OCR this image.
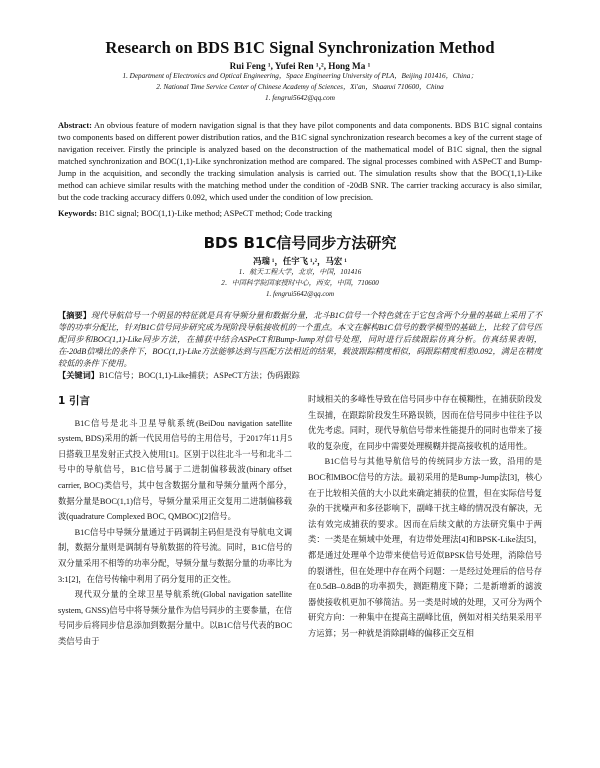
Research on BDS B1C Signal Synchronization Method
Rui Feng ¹, Yufei Ren ¹,², Hong Ma ¹
1. Department of Electronics and Optical Engineering，Space Engineering University of PLA，Beijing 101416，China；
2. National Time Service Center of Chinese Academy of Sciences，Xi'an，Shaanxi 710600，China
1. fengrui5642@qq.com
Abstract: An obvious feature of modern navigation signal is that they have pilot components and data components. BDS B1C signal contains two components based on different power distribution ratios, and the B1C signal synchronization research becomes a key of the current stage of navigation receiver. Firstly the principle is analyzed based on the deconstruction of the mathematical model of B1C signal, then the signal matched synchronization and BOC(1,1)-Like synchronization method are compared. The signal processes combined with ASPeCT and Bump-Jump in the acquisition, and secondly the tracking simulation analysis is carried out. The simulation results show that the BOC(1,1)-Like method can achieve similar results with the matching method under the condition of -20dB SNR. The carrier tracking accuracy is also similar, but the code tracking accuracy differs 0.092, which used under the condition of low precision.
Keywords: B1C signal; BOC(1,1)-Like method; ASPeCT method; Code tracking
BDS B1C信号同步方法研究
冯瑞 ¹，任宇飞 ¹,²，马宏 ¹
1．航天工程大学，北京，中国，101416
2．中国科学院国家授时中心，西安，中国，710600
1. fengrui5642@qq.com
【摘要】现代导航信号一个明显的特征就是具有导频分量和数据分量，北斗B1C信号一个特色就在于它包含两个分量的基础上采用了不等的功率分配比，针对B1C信号同步研究成为现阶段导航接收机的一个重点。本文在解构B1C信号的数学模型的基础上，比较了信号匹配同步和BOC(1,1)-Like同步方法，在捕获中结合ASPeCT和Bump-Jump对信号处理，同时进行后续跟踪仿真分析。仿真结果表明，在-20dB信噪比的条件下，BOC(1,1)-Like方法能够达到与匹配方法相近的结果，载波跟踪精度相似，码跟踪精度相差0.092，满足在精度较低的条件下使用。
【关键词】B1C信号；BOC(1,1)-Like捕获；ASPeCT方法；伪码跟踪
1 引言

B1C信号是北斗卫星导航系统(BeiDou navigation satellite system, BDS)采用的新一代民用信号的主用信号，于2017年11月5日搭载卫星发射正式投入使用[1]。区别于以往北斗一号和北斗二号中的导航信号，B1C信号属于二进制偏移载波(binary offset carrier, BOC)类信号，其中包含数据分量和导频分量两个部分，数据分量是BOC(1,1)信号，导频分量采用正交复用二进制偏移载波(quadrature Complexed BOC, QMBOC)[2]信号。

B1C信号中导频分量通过于码调制主码但是没有导航电文调制，数据分量则是调制有导航数据的符号流。同时，B1C信号的双分量采用不相等的功率分配，导频分量与数据分量的功率比为3:1[2]，在信号传输中利用了码分复用的正交性。

现代双分量的全球卫星导航系统(Global navigation satellite system, GNSS)信号中将导频分量作为信号同步的主要参量，在信号同步后将同步信息添加到数据分量中。以B1C信号代表的BOC类信号由于

时域相关的多峰性导致在信号同步中存在模糊性，在捕获阶段发生误捕，在跟踪阶段发生环路误锁，因而在信号同步中往往予以优先考虑。同时，现代导航信号带来性能提升的同时也带来了接收的复杂度，在同步中需要处理模糊并提高接收机的适用性。

B1C信号与其他导航信号的传统同步方法一致，沿用的是BOC和MBOC信号的方法。最初采用的是Bump-Jump法[3]，核心在于比较相关值的大小以此来确定捕获的位置，但在实际信号复杂的干扰噪声和多径影响下，副峰干扰主峰的情况没有解决，无法有效完成捕获的要求。因而在后续文献的方法研究集中于两类：一类是在频域中处理，有边带处理法[4]和BPSK-Like法[5]，都是通过处理单个边带来使信号近似BPSK信号处理，消除信号的裂谱性，但在处理中存在两个问题：一是经过处理后的信号存在0.5dB–0.8dB的功率损失，测距精度下降；二是新增新的滤波器使接收机更加不够简洁。另一类是时域的处理，又可分为两个研究方向：一种集中在提高主副峰比值，例如对相关结果采用平方运算；另一种就是消除副峰的偏移正交互相
